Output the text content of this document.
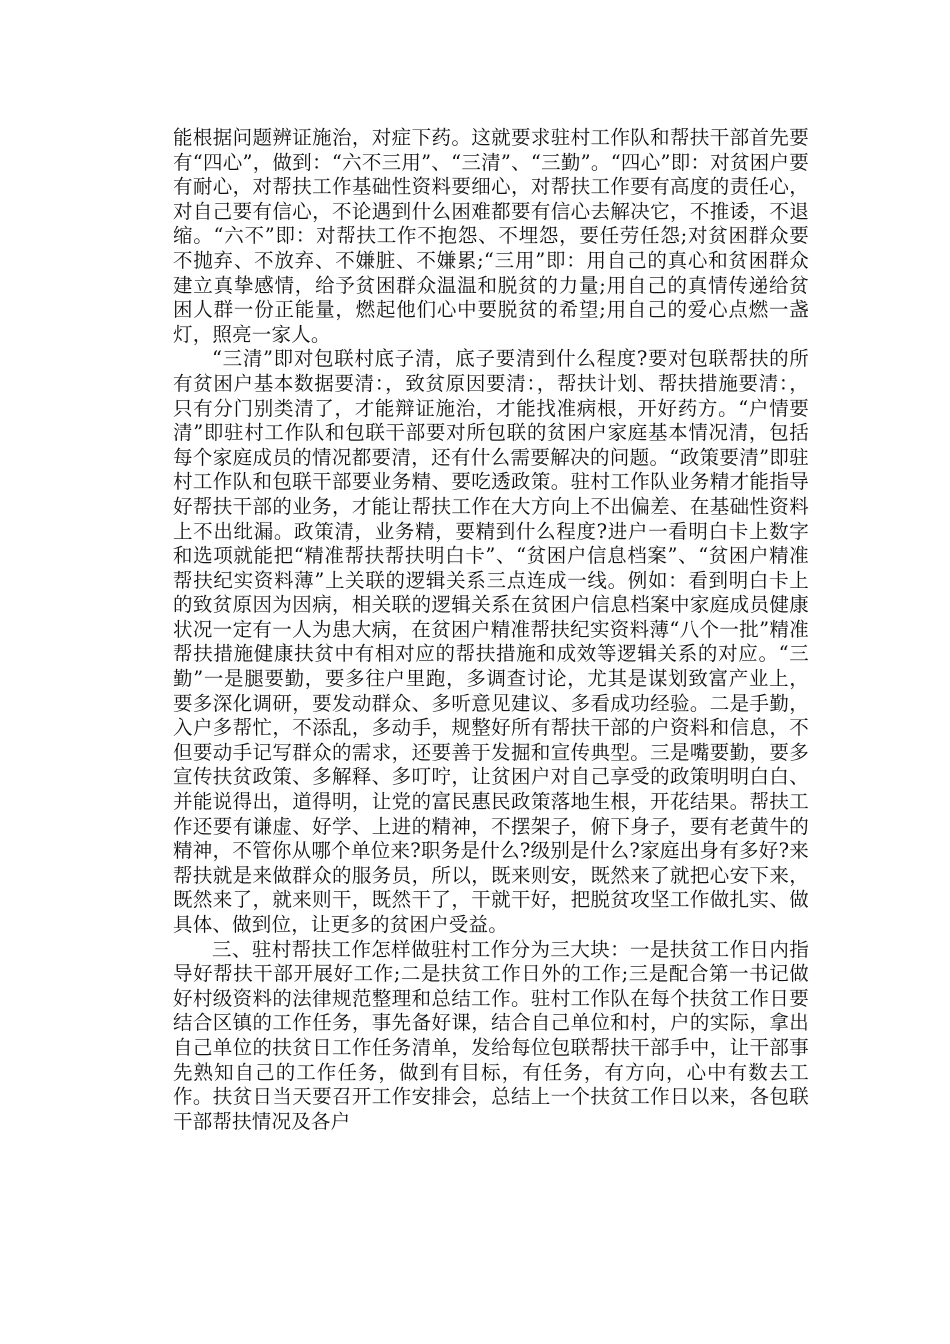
能根据问题辨证施治，对症下药。这就要求驻村工作队和帮扶干部首先要有“四心”，做到：“六不三用”、“三清”、“三勤”。“四心”即：对贫困户要有耐心，对帮扶工作基础性资料要细心，对帮扶工作要有高度的责任心，对自己要有信心，不论遇到什么困难都要有信心去解决它，不推诿，不退缩。“六不”即：对帮扶工作不抱怨、不埋怨，要任劳任怨;对贫困群众要不抛弃、不放弃、不嫌脏、不嫌累;“三用”即：用自己的真心和贫困群众建立真挚感情，给予贫困群众温温和脱贫的力量;用自己的真情传递给贫困人群一份正能量，燃起他们心中要脱贫的希望;用自己的爱心点燃一盏灯，照亮一家人。

“三清”即对包联村底子清，底子要清到什么程度?要对包联帮扶的所有贫困户基本数据要清：，致贫原因要清：，帮扶计划、帮扶措施要清：，只有分门别类清了，才能辩证施治，才能找准病根，开好药方。“户情要清”即驻村工作队和包联干部要对所包联的贫困户家庭基本情况清，包括每个家庭成员的情况都要清，还有什么需要解决的问题。“政策要清”即驻村工作队和包联干部要业务精、要吃透政策。驻村工作队业务精才能指导好帮扶干部的业务，才能让帮扶工作在大方向上不出偏差、在基础性资料上不出纰漏。政策清，业务精，要精到什么程度?进户一看明白卡上数字和选项就能把“精准帮扶帮扶明白卡”、“贫困户信息档案”、“贫困户精准帮扶纪实资料薄”上关联的逻辑关系三点连成一线。例如：看到明白卡上的致贫原因为因病，相关联的逻辑关系在贫困户信息档案中家庭成员健康状况一定有一人为患大病，在贫困户精准帮扶纪实资料薄“八个一批”精准帮扶措施健康扶贫中有相对应的帮扶措施和成效等逻辑关系的对应。“三勤”一是腿要勤，要多往户里跑，多调查讨论，尤其是谋划致富产业上，要多深化调研，要发动群众、多听意见建议、多看成功经验。二是手勤，入户多帮忙，不添乱，多动手，规整好所有帮扶干部的户资料和信息，不但要动手记写群众的需求，还要善于发掘和宣传典型。三是嘴要勤，要多宣传扶贫政策、多解释、多叮咛，让贫困户对自己享受的政策明明白白、并能说得出，道得明，让党的富民惠民政策落地生根，开花结果。帮扶工作还要有谦虚、好学、上进的精神，不摆架子，俯下身子，要有老黄牛的精神，不管你从哪个单位来?职务是什么?级别是什么?家庭出身有多好?来帮扶就是来做群众的服务员，所以，既来则安，既然来了就把心安下来，既然来了，就来则干，既然干了，干就干好，把脱贫攻坚工作做扎实、做具体、做到位，让更多的贫困户受益。

三、驻村帮扶工作怎样做驻村工作分为三大块：一是扶贫工作日内指导好帮扶干部开展好工作;二是扶贫工作日外的工作;三是配合第一书记做好村级资料的法律规范整理和总结工作。驻村工作队在每个扶贫工作日要结合区镇的工作任务，事先备好课，结合自己单位和村，户的实际，拿出自己单位的扶贫日工作任务清单，发给每位包联帮扶干部手中，让干部事先熟知自己的工作任务，做到有目标，有任务，有方向，心中有数去工作。扶贫日当天要召开工作安排会，总结上一个扶贫工作日以来，各包联干部帮扶情况及各户
